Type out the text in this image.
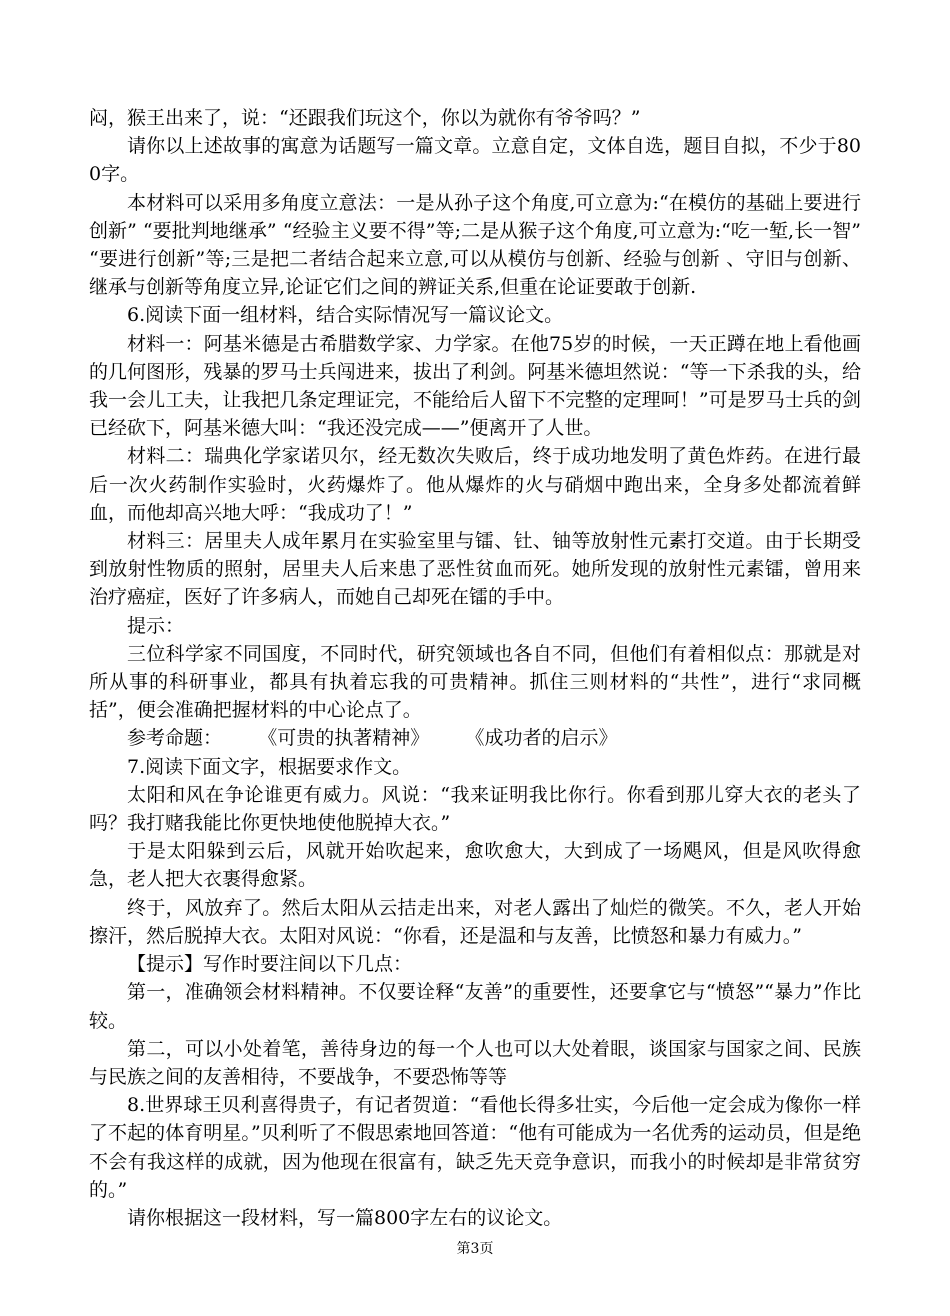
闷，猴王出来了，说：“还跟我们玩这个，你以为就你有爷爷吗？”

请你以上述故事的寓意为话题写一篇文章。立意自定，文体自选，题目自拟，不少于800字。

本材料可以采用多角度立意法：一是从孙子这个角度,可立意为:“在模仿的基础上要进行创新” “要批判地继承” “经验主义要不得”等;二是从猴子这个角度,可立意为:“吃一堑,长一智” “要进行创新”等;三是把二者结合起来立意,可以从模仿与创新、经验与创新 、守旧与创新、 继承与创新等角度立异,论证它们之间的辨证关系,但重在论证要敢于创新.

6.阅读下面一组材料，结合实际情况写一篇议论文。

材料一：阿基米德是古希腊数学家、力学家。在他75岁的时候，一天正蹲在地上看他画的几何图形，残暴的罗马士兵闯进来，拔出了利剑。阿基米德坦然说：“等一下杀我的头，给我一会儿工夫，让我把几条定理证完，不能给后人留下不完整的定理呵！”可是罗马士兵的剑已经砍下，阿基米德大叫：“我还没完成——”便离开了人世。

材料二：瑞典化学家诺贝尔，经无数次失败后，终于成功地发明了黄色炸药。在进行最后一次火药制作实验时，火药爆炸了。他从爆炸的火与硝烟中跑出来，全身多处都流着鲜血，而他却高兴地大呼：“我成功了！”

材料三：居里夫人成年累月在实验室里与镭、钍、铀等放射性元素打交道。由于长期受到放射性物质的照射，居里夫人后来患了恶性贫血而死。她所发现的放射性元素镭，曾用来治疗癌症，医好了许多病人，而她自己却死在镭的手中。

提示：

三位科学家不同国度，不同时代，研究领域也各自不同，但他们有着相似点：那就是对所从事的科研事业，都具有执着忘我的可贵精神。抓住三则材料的“共性”，进行“求同概括”，便会准确把握材料的中心论点了。

参考命题：      《可贵的执著精神》      《成功者的启示》

7.阅读下面文字，根据要求作文。

太阳和风在争论谁更有威力。风说：“我来证明我比你行。你看到那儿穿大衣的老头了吗？我打赌我能比你更快地使他脱掉大衣。”

于是太阳躲到云后，风就开始吹起来，愈吹愈大，大到成了一场飓风，但是风吹得愈急，老人把大衣裹得愈紧。

终于，风放弃了。然后太阳从云拮走出来，对老人露出了灿烂的微笑。不久，老人开始擦汗，然后脱掉大衣。太阳对风说：“你看，还是温和与友善，比愤怒和暴力有威力。”

【提示】写作时要注间以下几点：

第一，准确领会材料精神。不仅要诠释“友善”的重要性，还要拿它与“愤怒”“暴力”作比较。

第二，可以小处着笔，善待身边的每一个人也可以大处着眼，谈国家与国家之间、民族与民族之间的友善相待，不要战争，不要恐怖等等

8.世界球王贝利喜得贵子，有记者贺道：“看他长得多壮实，今后他一定会成为像你一样了不起的体育明星。”贝利听了不假思索地回答道：“他有可能成为一名优秀的运动员，但是绝不会有我这样的成就，因为他现在很富有，缺乏先天竞争意识，而我小的时候却是非常贫穷的。”

请你根据这一段材料，写一篇800字左右的议论文。

第3页
